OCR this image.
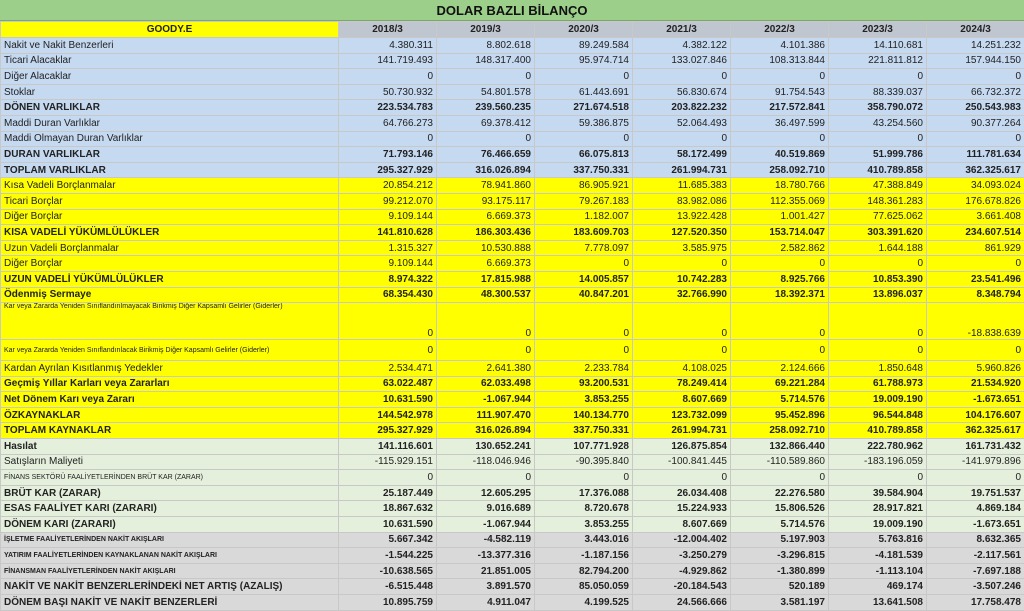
DOLAR BAZLI BİLANÇO
GOODY.E	2018/3	2019/3	2020/3	2021/3	2022/3	2023/3	2024/3
Nakit ve Nakit Benzerleri	4.380.311	8.802.618	89.249.584	4.382.122	4.101.386	14.110.681	14.251.232
Ticari Alacaklar	141.719.493	148.317.400	95.974.714	133.027.846	108.313.844	221.811.812	157.944.150
Diğer Alacaklar	0	0	0	0	0	0	0
Stoklar	50.730.932	54.801.578	61.443.691	56.830.674	91.754.543	88.339.037	66.732.372
DÖNEN VARLIKLAR	223.534.783	239.560.235	271.674.518	203.822.232	217.572.841	358.790.072	250.543.983
Maddi Duran Varlıklar	64.766.273	69.378.412	59.386.875	52.064.493	36.497.599	43.254.560	90.377.264
Maddi Olmayan Duran Varlıklar	0	0	0	0	0	0	0
DURAN VARLIKLAR	71.793.146	76.466.659	66.075.813	58.172.499	40.519.869	51.999.786	111.781.634
TOPLAM VARLIKLAR	295.327.929	316.026.894	337.750.331	261.994.731	258.092.710	410.789.858	362.325.617
Kısa Vadeli Borçlanmalar	20.854.212	78.941.860	86.905.921	11.685.383	18.780.766	47.388.849	34.093.024
Ticari Borçlar	99.212.070	93.175.117	79.267.183	83.982.086	112.355.069	148.361.283	176.678.826
Diğer Borçlar	9.109.144	6.669.373	1.182.007	13.922.428	1.001.427	77.625.062	3.661.408
KISA VADELİ YÜKÜMLÜLÜKLER	141.810.628	186.303.436	183.609.703	127.520.350	153.714.047	303.391.620	234.607.514
Uzun Vadeli Borçlanmalar	1.315.327	10.530.888	7.778.097	3.585.975	2.582.862	1.644.188	861.929
Diğer Borçlar	9.109.144	6.669.373	0	0	0	0	0
UZUN VADELİ YÜKÜMLÜLÜKLER	8.974.322	17.815.988	14.005.857	10.742.283	8.925.766	10.853.390	23.541.496
Ödenmiş Sermaye	68.354.430	48.300.537	40.847.201	32.766.990	18.392.371	13.896.037	8.348.794
Kar veya Zararda Yeniden Sınıflandırılmayacak Birikmiş Diğer Kapsamlı Gelirler (Giderler)	0	0	0	0	0	0	-18.838.639
Kar veya Zararda Yeniden Sınıflandırılacak Birikmiş Diğer Kapsamlı Gelirler (Giderler)	0	0	0	0	0	0	0
Kardan Ayrılan Kısıtlanmış Yedekler	2.534.471	2.641.380	2.233.784	4.108.025	2.124.666	1.850.648	5.960.826
Geçmiş Yıllar Karları veya Zararları	63.022.487	62.033.498	93.200.531	78.249.414	69.221.284	61.788.973	21.534.920
Net Dönem Karı veya Zararı	10.631.590	-1.067.944	3.853.255	8.607.669	5.714.576	19.009.190	-1.673.651
ÖZKAYNAKLAR	144.542.978	111.907.470	140.134.770	123.732.099	95.452.896	96.544.848	104.176.607
TOPLAM KAYNAKLAR	295.327.929	316.026.894	337.750.331	261.994.731	258.092.710	410.789.858	362.325.617
Hasılat	141.116.601	130.652.241	107.771.928	126.875.854	132.866.440	222.780.962	161.731.432
Satışların Maliyeti	-115.929.151	-118.046.946	-90.395.840	-100.841.445	-110.589.860	-183.196.059	-141.979.896
FİNANS SEKTÖRÜ FAALİYETLERİNDEN BRÜT KAR (ZARAR)	0	0	0	0	0	0	0
BRÜT KAR (ZARAR)	25.187.449	12.605.295	17.376.088	26.034.408	22.276.580	39.584.904	19.751.537
ESAS FAALİYET KARI (ZARARI)	18.867.632	9.016.689	8.720.678	15.224.933	15.806.526	28.917.821	4.869.184
DÖNEM KARI (ZARARI)	10.631.590	-1.067.944	3.853.255	8.607.669	5.714.576	19.009.190	-1.673.651
İŞLETME FAALİYETLERİNDEN NAKİT AKIŞLARI	5.667.342	-4.582.119	3.443.016	-12.004.402	5.197.903	5.763.816	8.632.365
YATIRIM FAALİYETLERİNDEN KAYNAKLANAN NAKİT AKIŞLARI	-1.544.225	-13.377.316	-1.187.156	-3.250.279	-3.296.815	-4.181.539	-2.117.561
FİNANSMAN FAALİYETLERİNDEN NAKİT AKIŞLARI	-10.638.565	21.851.005	82.794.200	-4.929.862	-1.380.899	-1.113.104	-7.697.188
NAKİT VE NAKİT BENZERLERİNDEKİ NET ARTIŞ (AZALIŞ)	-6.515.448	3.891.570	85.050.059	-20.184.543	520.189	469.174	-3.507.246
DÖNEM BAŞI NAKİT VE NAKİT BENZERLERİ	10.895.759	4.911.047	4.199.525	24.566.666	3.581.197	13.641.508	17.758.478
